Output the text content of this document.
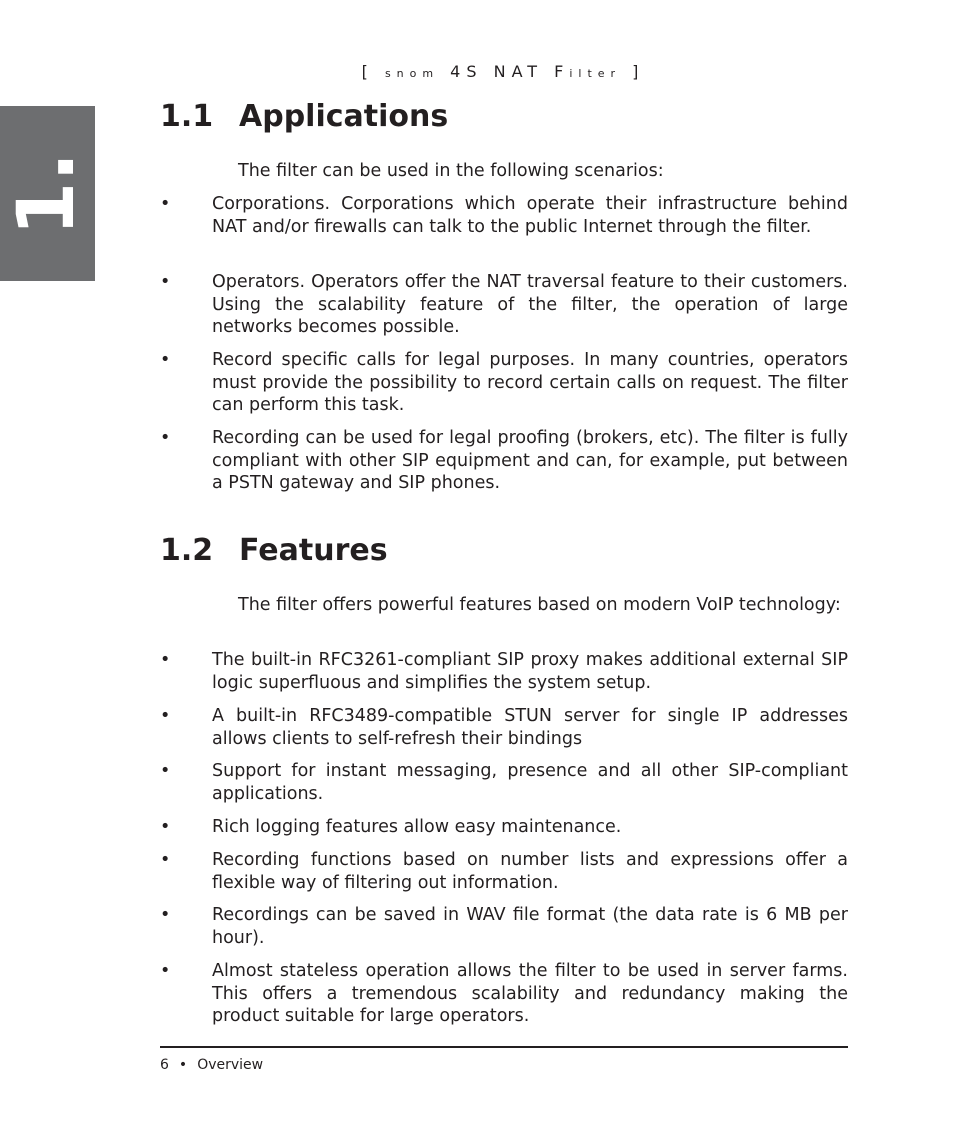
1.
[ snom 4S NAT Filter ]
1.1 Applications

The filter can be used in the following scenarios:

•	Corporations. Corporations which operate their infrastructure behind NAT and/or firewalls can talk to the public Internet through the filter.
•	Operators. Operators offer the NAT traversal feature to their customers. Using the scalability feature of the filter, the operation of large networks becomes possible.
•	Record specific calls for legal purposes. In many countries, operators must provide the possibility to record certain calls on request. The filter can perform this task.
•	Recording can be used for legal proofing (brokers, etc). The filter is fully compliant with other SIP equipment and can, for example, put between a PSTN gateway and SIP phones.
1.2 Features

The filter offers powerful features based on modern VoIP technology:

•	The built-in RFC3261-compliant SIP proxy makes additional external SIP logic superfluous and simplifies the system setup.
•	A built-in RFC3489-compatible STUN server for single IP addresses allows clients to self-refresh their bindings
•	Support for instant messaging, presence and all other SIP-compliant applications.
•	Rich logging features allow easy maintenance.
•	Recording functions based on number lists and expressions offer a flexible way of filtering out information.
•	Recordings can be saved in WAV file format (the data rate is 6 MB per hour).
•	Almost stateless operation allows the filter to be used in server farms. This offers a tremendous scalability and redundancy making the product suitable for large operators.
6 • Overview
